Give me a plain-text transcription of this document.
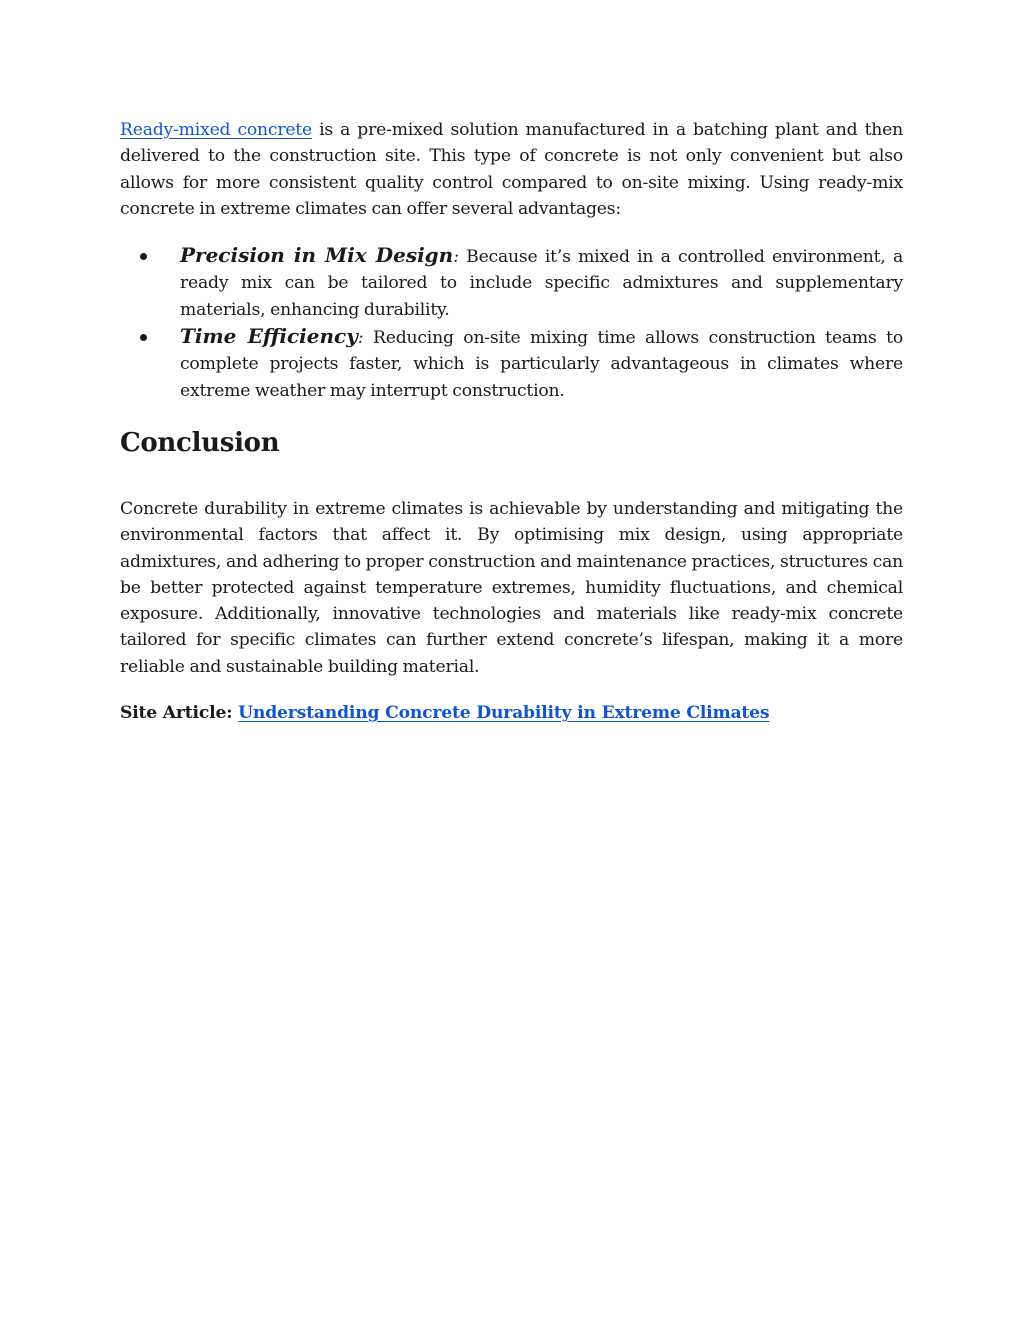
Ready-mixed concrete is a pre-mixed solution manufactured in a batching plant and then delivered to the construction site. This type of concrete is not only convenient but also allows for more consistent quality control compared to on-site mixing. Using ready-mix concrete in extreme climates can offer several advantages:

Precision in Mix Design: Because it’s mixed in a controlled environment, a ready mix can be tailored to include specific admixtures and supplementary materials, enhancing durability.
Time Efficiency: Reducing on-site mixing time allows construction teams to complete projects faster, which is particularly advantageous in climates where extreme weather may interrupt construction.
Conclusion

Concrete durability in extreme climates is achievable by understanding and mitigating the environmental factors that affect it. By optimising mix design, using appropriate admixtures, and adhering to proper construction and maintenance practices, structures can be better protected against temperature extremes, humidity fluctuations, and chemical exposure. Additionally, innovative technologies and materials like ready-mix concrete tailored for specific climates can further extend concrete’s lifespan, making it a more reliable and sustainable building material.

Site Article: Understanding Concrete Durability in Extreme Climates
